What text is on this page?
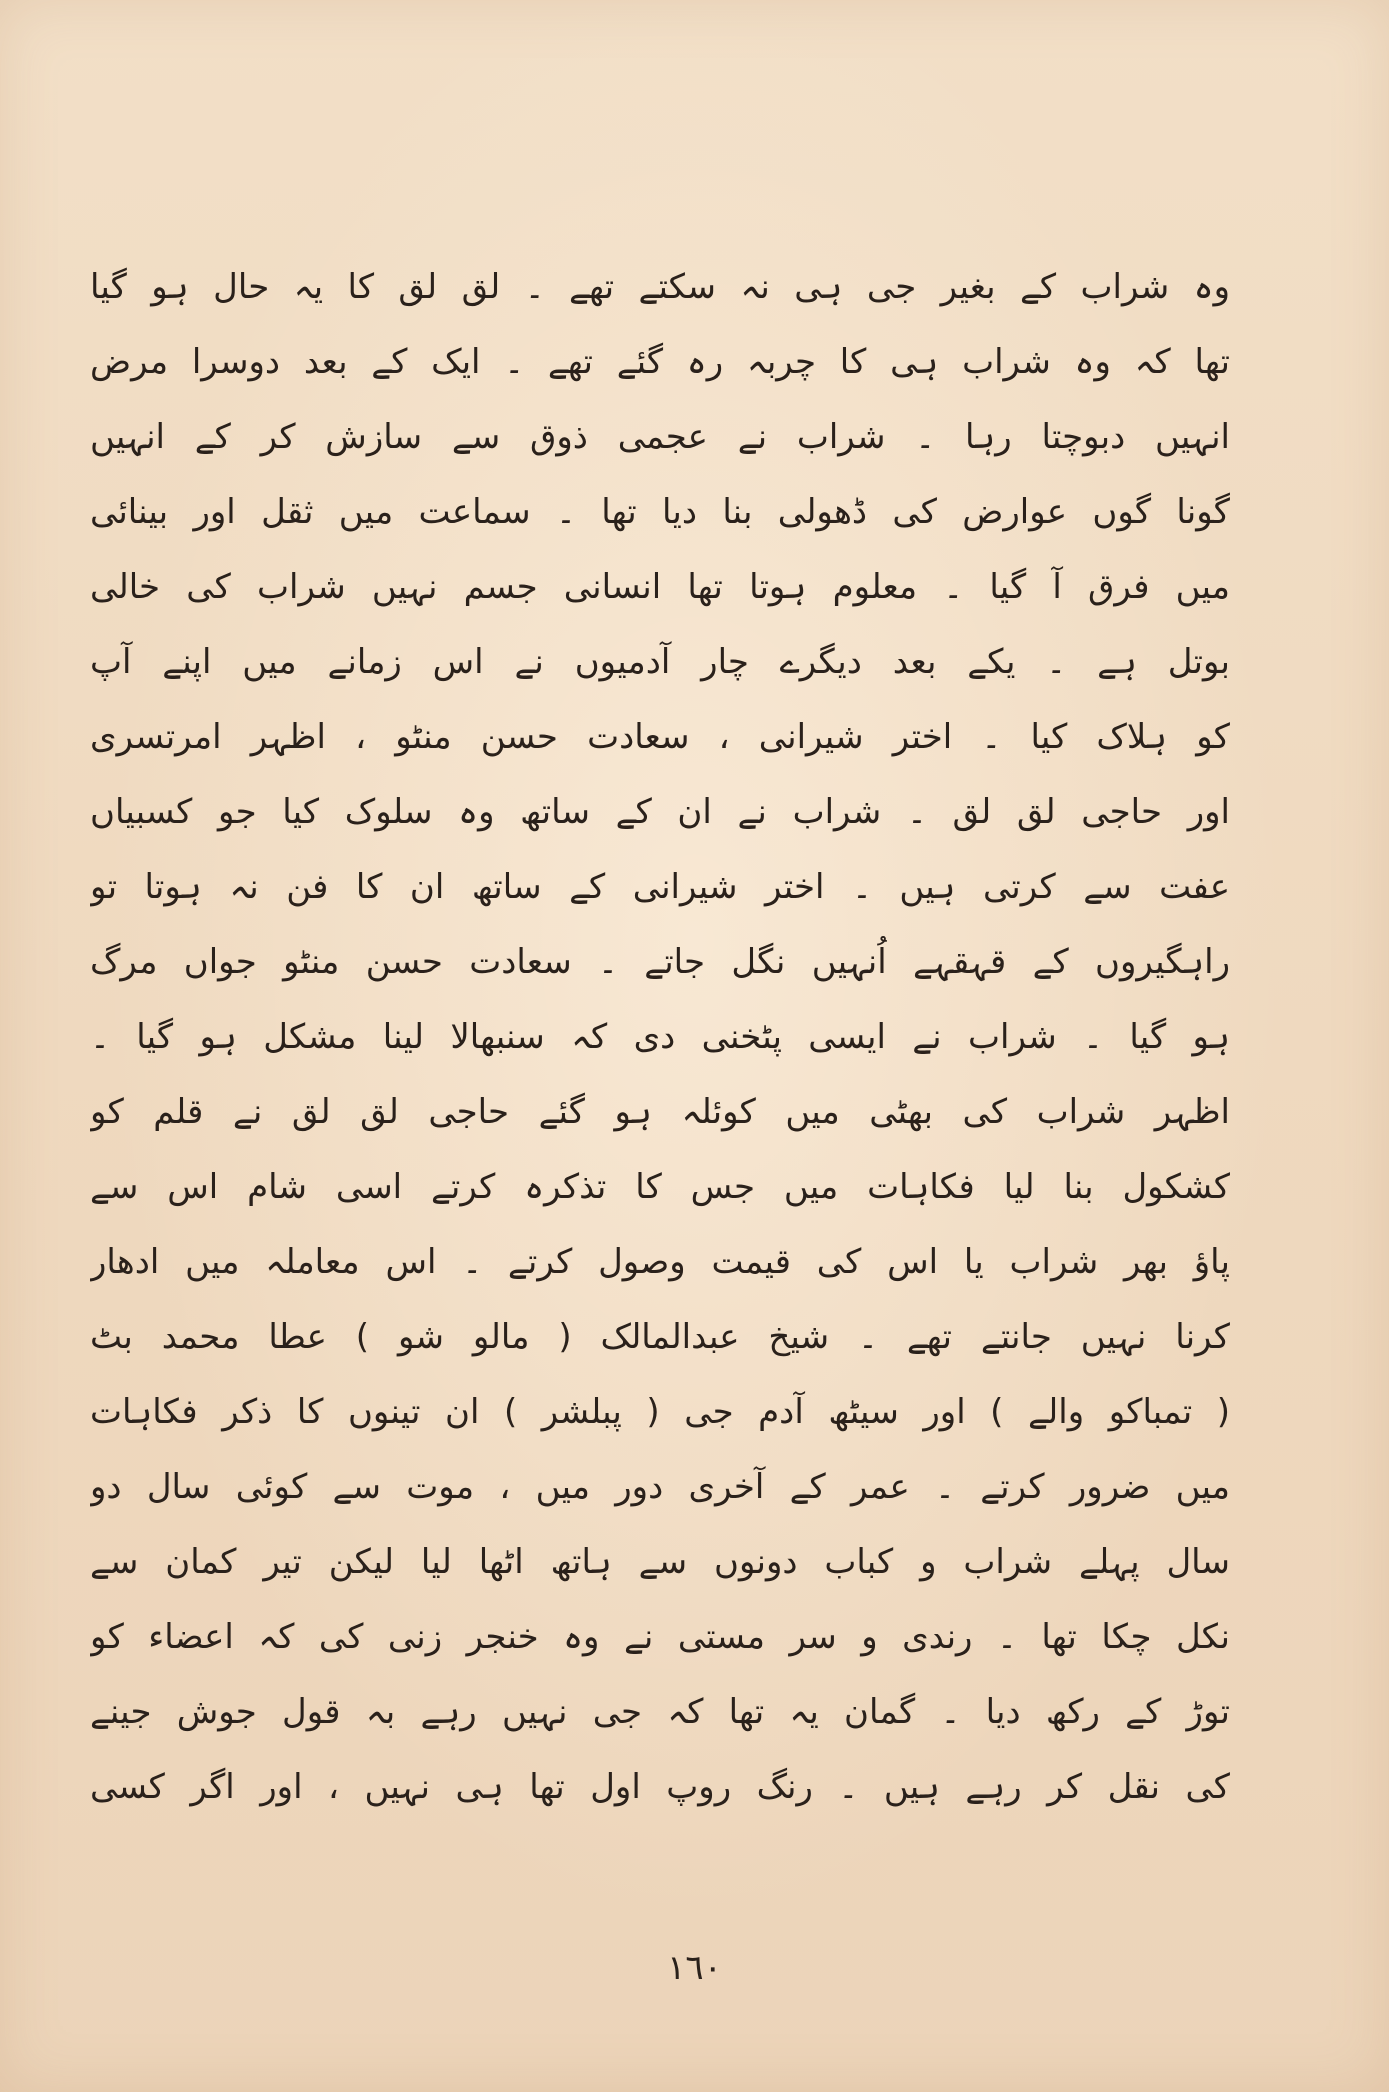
وہ شراب کے بغیر جی ہی نہ سکتے تھے ۔ لق لق کا یہ حال ہو گیا
تھا کہ وہ شراب ہی کا چربہ رہ گئے تھے ۔ ایک کے بعد دوسرا مرض
انہیں دبوچتا رہا ۔ شراب نے عجمی ذوق سے سازش کر کے انہیں
گونا گوں عوارض کی ڈھولی بنا دیا تھا ۔ سماعت میں ثقل اور بینائی
میں فرق آ گیا ۔ معلوم ہوتا تھا انسانی جسم نہیں شراب کی خالی
بوتل ہے ۔ یکے بعد دیگرے چار آدمیوں نے اس زمانے میں اپنے آپ
کو ہلاک کیا ۔ اختر شیرانی ، سعادت حسن منٹو ، اظہر امرتسری
اور حاجی لق لق ۔ شراب نے ان کے ساتھ وہ سلوک کیا جو کسبیاں
عفت سے کرتی ہیں ۔ اختر شیرانی کے ساتھ ان کا فن نہ ہوتا تو
راہگیروں کے قہقہے اُنہیں نگل جاتے ۔ سعادت حسن منٹو جواں مرگ
ہو گیا ۔ شراب نے ایسی پٹخنی دی کہ سنبھالا لینا مشکل ہو گیا ۔
اظہر شراب کی بھٹی میں کوئلہ ہو گئے حاجی لق لق نے قلم کو
کشکول بنا لیا فکاہات میں جس کا تذکرہ کرتے اسی شام اس سے
پاؤ بھر شراب یا اس کی قیمت وصول کرتے ۔ اس معاملہ میں ادھار
کرنا نہیں جانتے تھے ۔ شیخ عبدالمالک ( مالو شو ) عطا محمد بٹ
( تمباکو والے ) اور سیٹھ آدم جی ( پبلشر ) ان تینوں کا ذکر فکاہات
میں ضرور کرتے ۔ عمر کے آخری دور میں ، موت سے کوئی سال دو
سال پہلے شراب و کباب دونوں سے ہاتھ اٹھا لیا لیکن تیر کمان سے
نکل چکا تھا ۔ رندی و سر مستی نے وہ خنجر زنی کی کہ اعضاء کو
توڑ کے رکھ دیا ۔ گمان یہ تھا کہ جی نہیں رہے بہ قول جوش جینے
کی نقل کر رہے ہیں ۔ رنگ روپ اول تھا ہی نہیں ، اور اگر کسی
١٦٠
